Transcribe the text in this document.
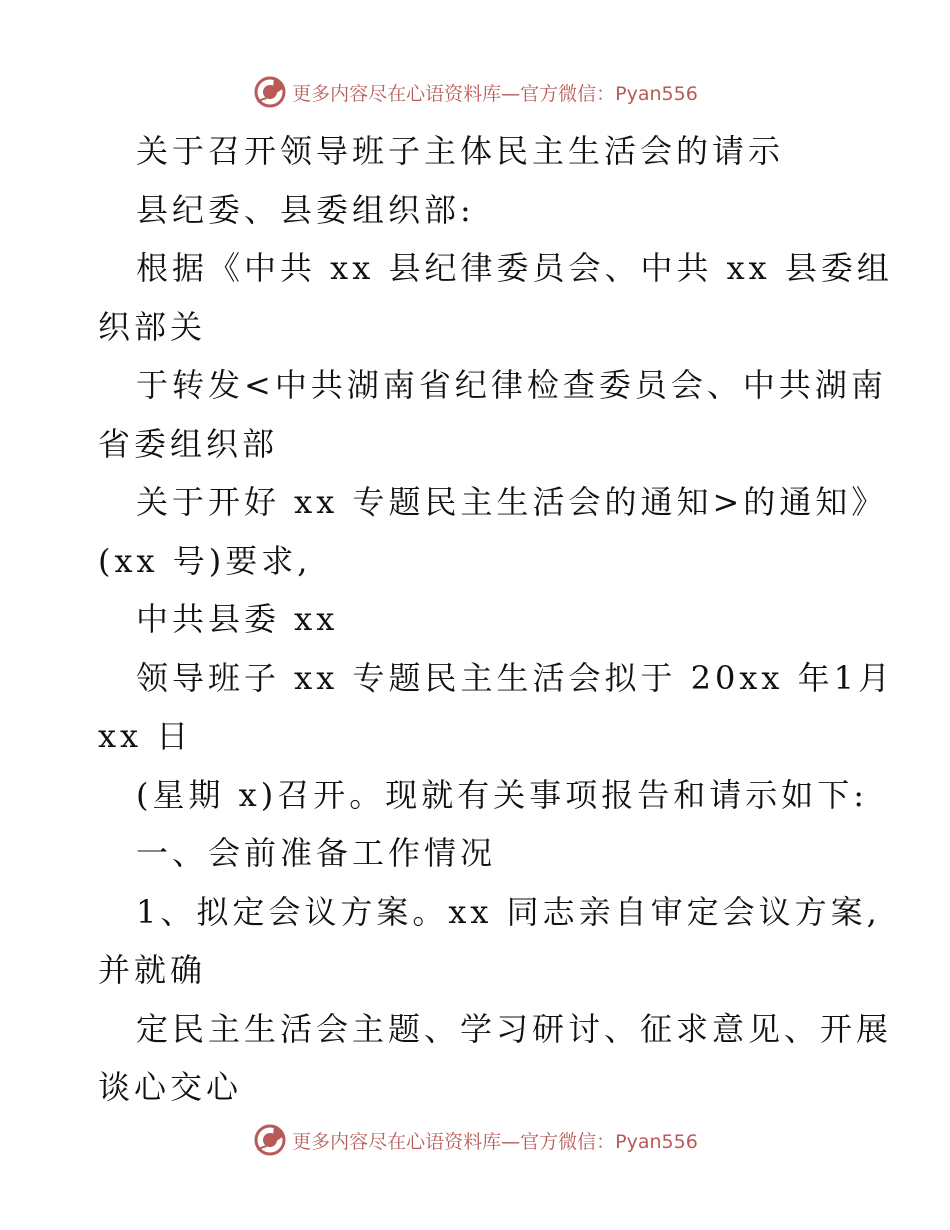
更多内容尽在心语资料库—官方微信：Pyan556
关于召开领导班子主体民主生活会的请示
县纪委、县委组织部:
根据《中共 xx 县纪律委员会、中共 xx 县委组
织部关
于转发<中共湖南省纪律检查委员会、中共湖南
省委组织部
关于开好 xx 专题民主生活会的通知>的通知》
(xx 号)要求,
中共县委 xx
领导班子 xx 专题民主生活会拟于 20xx 年1月
xx 日
(星期 x)召开。现就有关事项报告和请示如下:
一、会前准备工作情况
1、拟定会议方案。xx 同志亲自审定会议方案,
并就确
定民主生活会主题、学习研讨、征求意见、开展
谈心交心
更多内容尽在心语资料库—官方微信：Pyan556
